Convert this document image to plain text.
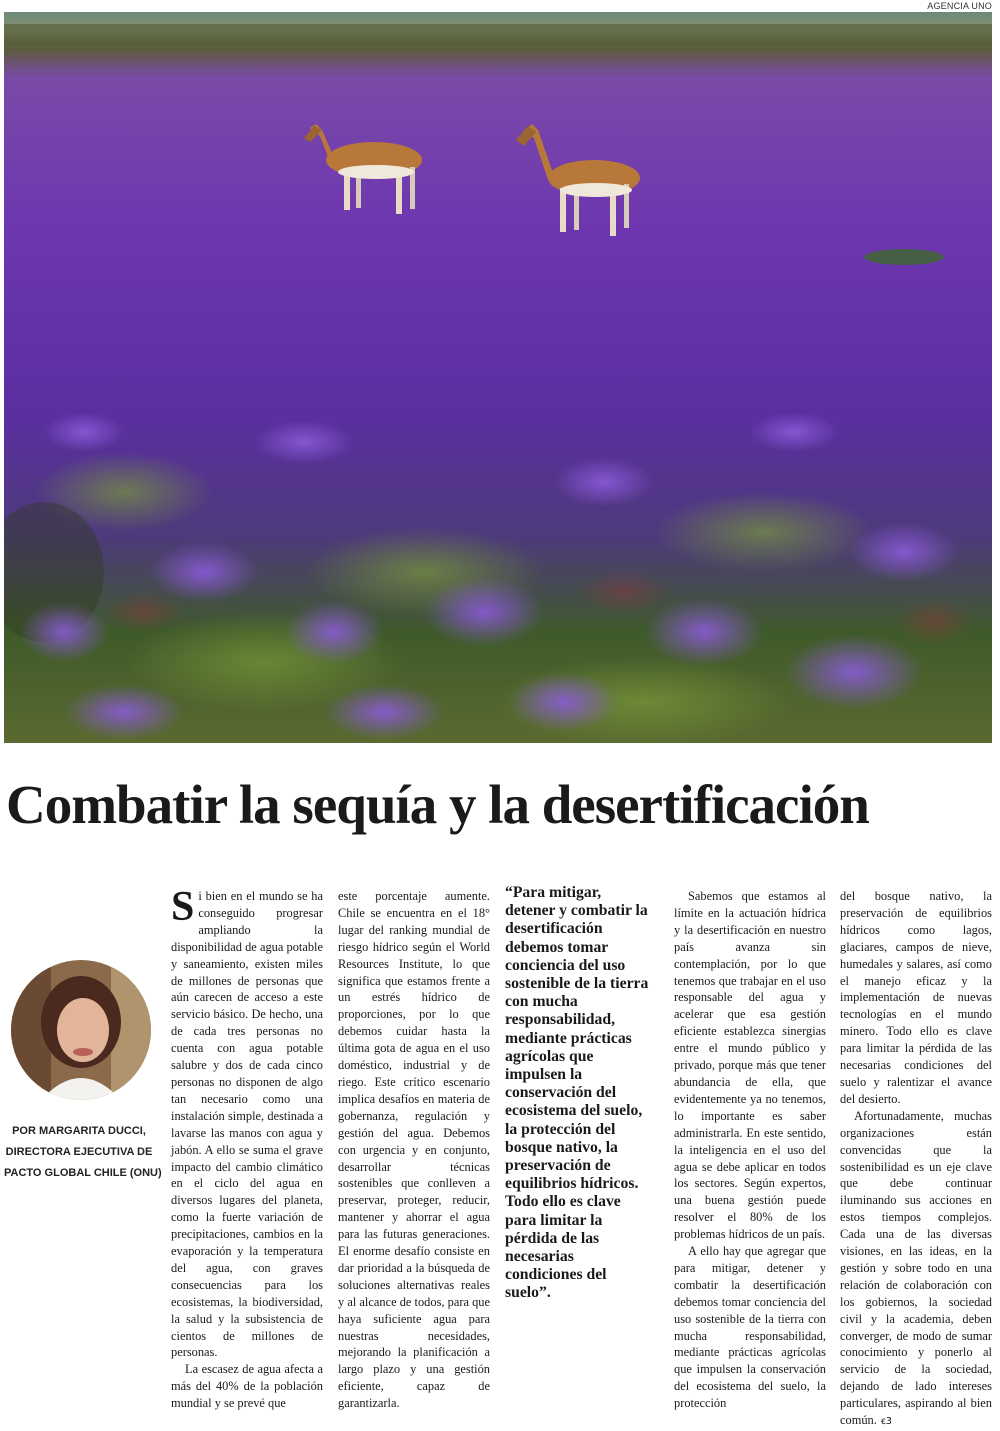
AGENCIA UNO
Combatir la sequía y la desertificación
POR MARGARITA DUCCI,
DIRECTORA EJECUTIVA DE
PACTO GLOBAL CHILE (ONU)

Si bien en el mundo se ha conseguido progresar ampliando la disponibilidad de agua potable y saneamiento, existen miles de millones de personas que aún carecen de acceso a este servicio básico. De hecho, una de cada tres personas no cuenta con agua potable salubre y dos de cada cinco personas no disponen de algo tan necesario como una instalación simple, destinada a lavarse las manos con agua y jabón. A ello se suma el grave impacto del cambio climático en el ciclo del agua en diversos lugares del planeta, como la fuerte variación de precipitaciones, cambios en la evaporación y la temperatura del agua, con graves consecuencias para los ecosistemas, la biodiversidad, la salud y la subsistencia de cientos de millones de personas.

La escasez de agua afecta a más del 40% de la población mundial y se prevé que

este porcentaje aumente. Chile se encuentra en el 18° lugar del ranking mundial de riesgo hídrico según el World Resources Institute, lo que significa que estamos frente a un estrés hídrico de proporciones, por lo que debemos cuidar hasta la última gota de agua en el uso doméstico, industrial y de riego. Este crítico escenario implica desafíos en materia de gobernanza, regulación y gestión del agua. Debemos con urgencia y en conjunto, desarrollar técnicas sostenibles que conlleven a preservar, proteger, reducir, mantener y ahorrar el agua para las futuras generaciones. El enorme desafío consiste en dar prioridad a la búsqueda de soluciones alternativas reales y al alcance de todos, para que haya suficiente agua para nuestras necesidades, mejorando la planificación a largo plazo y una gestión eficiente, capaz de garantizarla.

“Para mitigar, detener y combatir la desertificación debemos tomar conciencia del uso sostenible de la tierra con mucha responsabilidad, mediante prácticas agrícolas que impulsen la conservación del ecosistema del suelo, la protección del bosque nativo, la preservación de equilibrios hídricos. Todo ello es clave para limitar la pérdida de las necesarias condiciones del suelo”.

Sabemos que estamos al límite en la actuación hídrica y la desertificación en nuestro país avanza sin contemplación, por lo que tenemos que trabajar en el uso responsable del agua y acelerar que esa gestión eficiente establezca sinergias entre el mundo público y privado, porque más que tener abundancia de ella, que evidentemente ya no tenemos, lo importante es saber administrarla. En este sentido, la inteligencia en el uso del agua se debe aplicar en todos los sectores. Según expertos, una buena gestión puede resolver el 80% de los problemas hídricos de un país.

A ello hay que agregar que para mitigar, detener y combatir la desertificación debemos tomar conciencia del uso sostenible de la tierra con mucha responsabilidad, mediante prácticas agrícolas que impulsen la conservación del ecosistema del suelo, la protección

del bosque nativo, la preservación de equilibrios hídricos como lagos, glaciares, campos de nieve, humedales y salares, así como el manejo eficaz y la implementación de nuevas tecnologías en el mundo minero. Todo ello es clave para limitar la pérdida de las necesarias condiciones del suelo y ralentizar el avance del desierto.

Afortunadamente, muchas organizaciones están convencidas que la sostenibilidad es un eje clave que debe continuar iluminando sus acciones en estos tiempos complejos. Cada una de las diversas visiones, en las ideas, en la gestión y sobre todo en una relación de colaboración con los gobiernos, la sociedad civil y la academia, deben converger, de modo de sumar conocimiento y ponerlo al servicio de la sociedad, dejando de lado intereses particulares, aspirando al bien común. ꞓ3
